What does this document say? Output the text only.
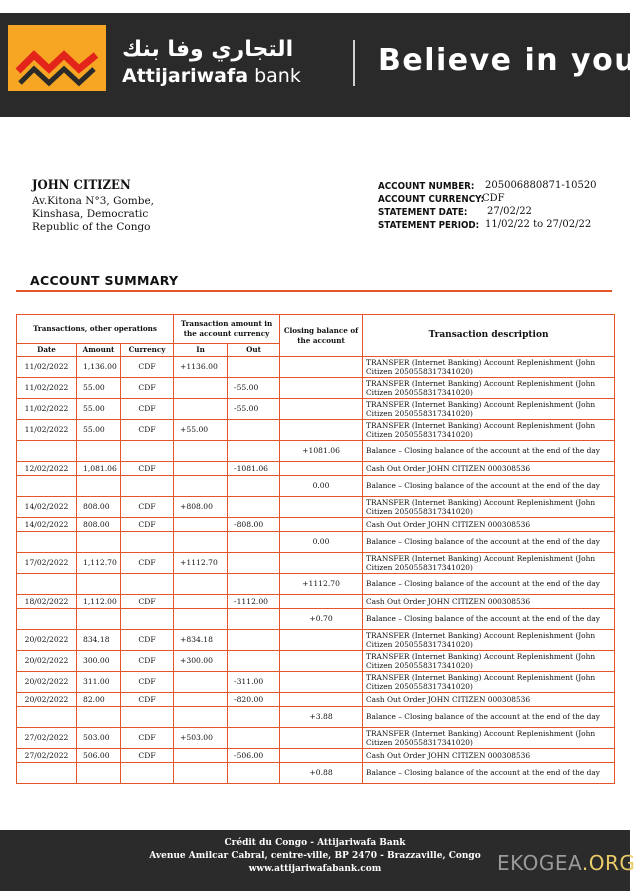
التجاري وفا بنك
Attijariwafa bank	Believe in you
JOHN CITIZEN
Av.Kitona N°3, Gombe,
Kinshasa, Democratic
Republic of the Congo
ACCOUNT NUMBER: 205006880871-10520
ACCOUNT CURRENCY:
CDF
STATEMENT DATE: 27/02/22
STATEMENT PERIOD: 11/02/22 to 27/02/22
ACCOUNT SUMMARY
Transactions, other operations			Transaction amount in the account currency		Closing balance of the account	Transaction description
Date	Amount	Currency	In	Out		
11/02/2022	1,136.00	CDF	+1136.00			TRANSFER (Internet Banking) Account Replenishment (John Citizen 2050558317341020)
11/02/2022	55.00	CDF		-55.00		TRANSFER (Internet Banking) Account Replenishment (John Citizen 2050558317341020)
11/02/2022	55.00	CDF		-55.00		TRANSFER (Internet Banking) Account Replenishment (John Citizen 2050558317341020)
11/02/2022	55.00	CDF	+55.00			TRANSFER (Internet Banking) Account Replenishment (John Citizen 2050558317341020)
					+1081.06	Balance – Closing balance of the account at the end of the day
12/02/2022	1,081.06	CDF		-1081.06		Cash Out Order JOHN CITIZEN 000308536
					0.00	Balance – Closing balance of the account at the end of the day
14/02/2022	808.00	CDF	+808.00			TRANSFER (Internet Banking) Account Replenishment (John Citizen 2050558317341020)
14/02/2022	808.00	CDF		-808.00		Cash Out Order JOHN CITIZEN 000308536
					0.00	Balance – Closing balance of the account at the end of the day
17/02/2022	1,112.70	CDF	+1112.70			TRANSFER (Internet Banking) Account Replenishment (John Citizen 2050558317341020)
					+1112.70	Balance – Closing balance of the account at the end of the day
18/02/2022	1,112.00	CDF		-1112.00		Cash Out Order JOHN CITIZEN 000308536
					+0.70	Balance – Closing balance of the account at the end of the day
20/02/2022	834.18	CDF	+834.18			TRANSFER (Internet Banking) Account Replenishment (John Citizen 2050558317341020)
20/02/2022	300.00	CDF	+300.00			TRANSFER (Internet Banking) Account Replenishment (John Citizen 2050558317341020)
20/02/2022	311.00	CDF		-311.00		TRANSFER (Internet Banking) Account Replenishment (John Citizen 2050558317341020)
20/02/2022	82.00	CDF		-820.00		Cash Out Order JOHN CITIZEN 000308536
					+3.88	Balance – Closing balance of the account at the end of the day
27/02/2022	503.00	CDF	+503.00			TRANSFER (Internet Banking) Account Replenishment (John Citizen 2050558317341020)
27/02/2022	506.00	CDF		-506.00		Cash Out Order JOHN CITIZEN 000308536
					+0.88	Balance – Closing balance of the account at the end of the day
Crédit du Congo - Attijariwafa Bank
Avenue Amilcar Cabral, centre-ville, BP 2470 - Brazzaville, Congo
www.attijariwafabank.com	EKOGEA.ORG
